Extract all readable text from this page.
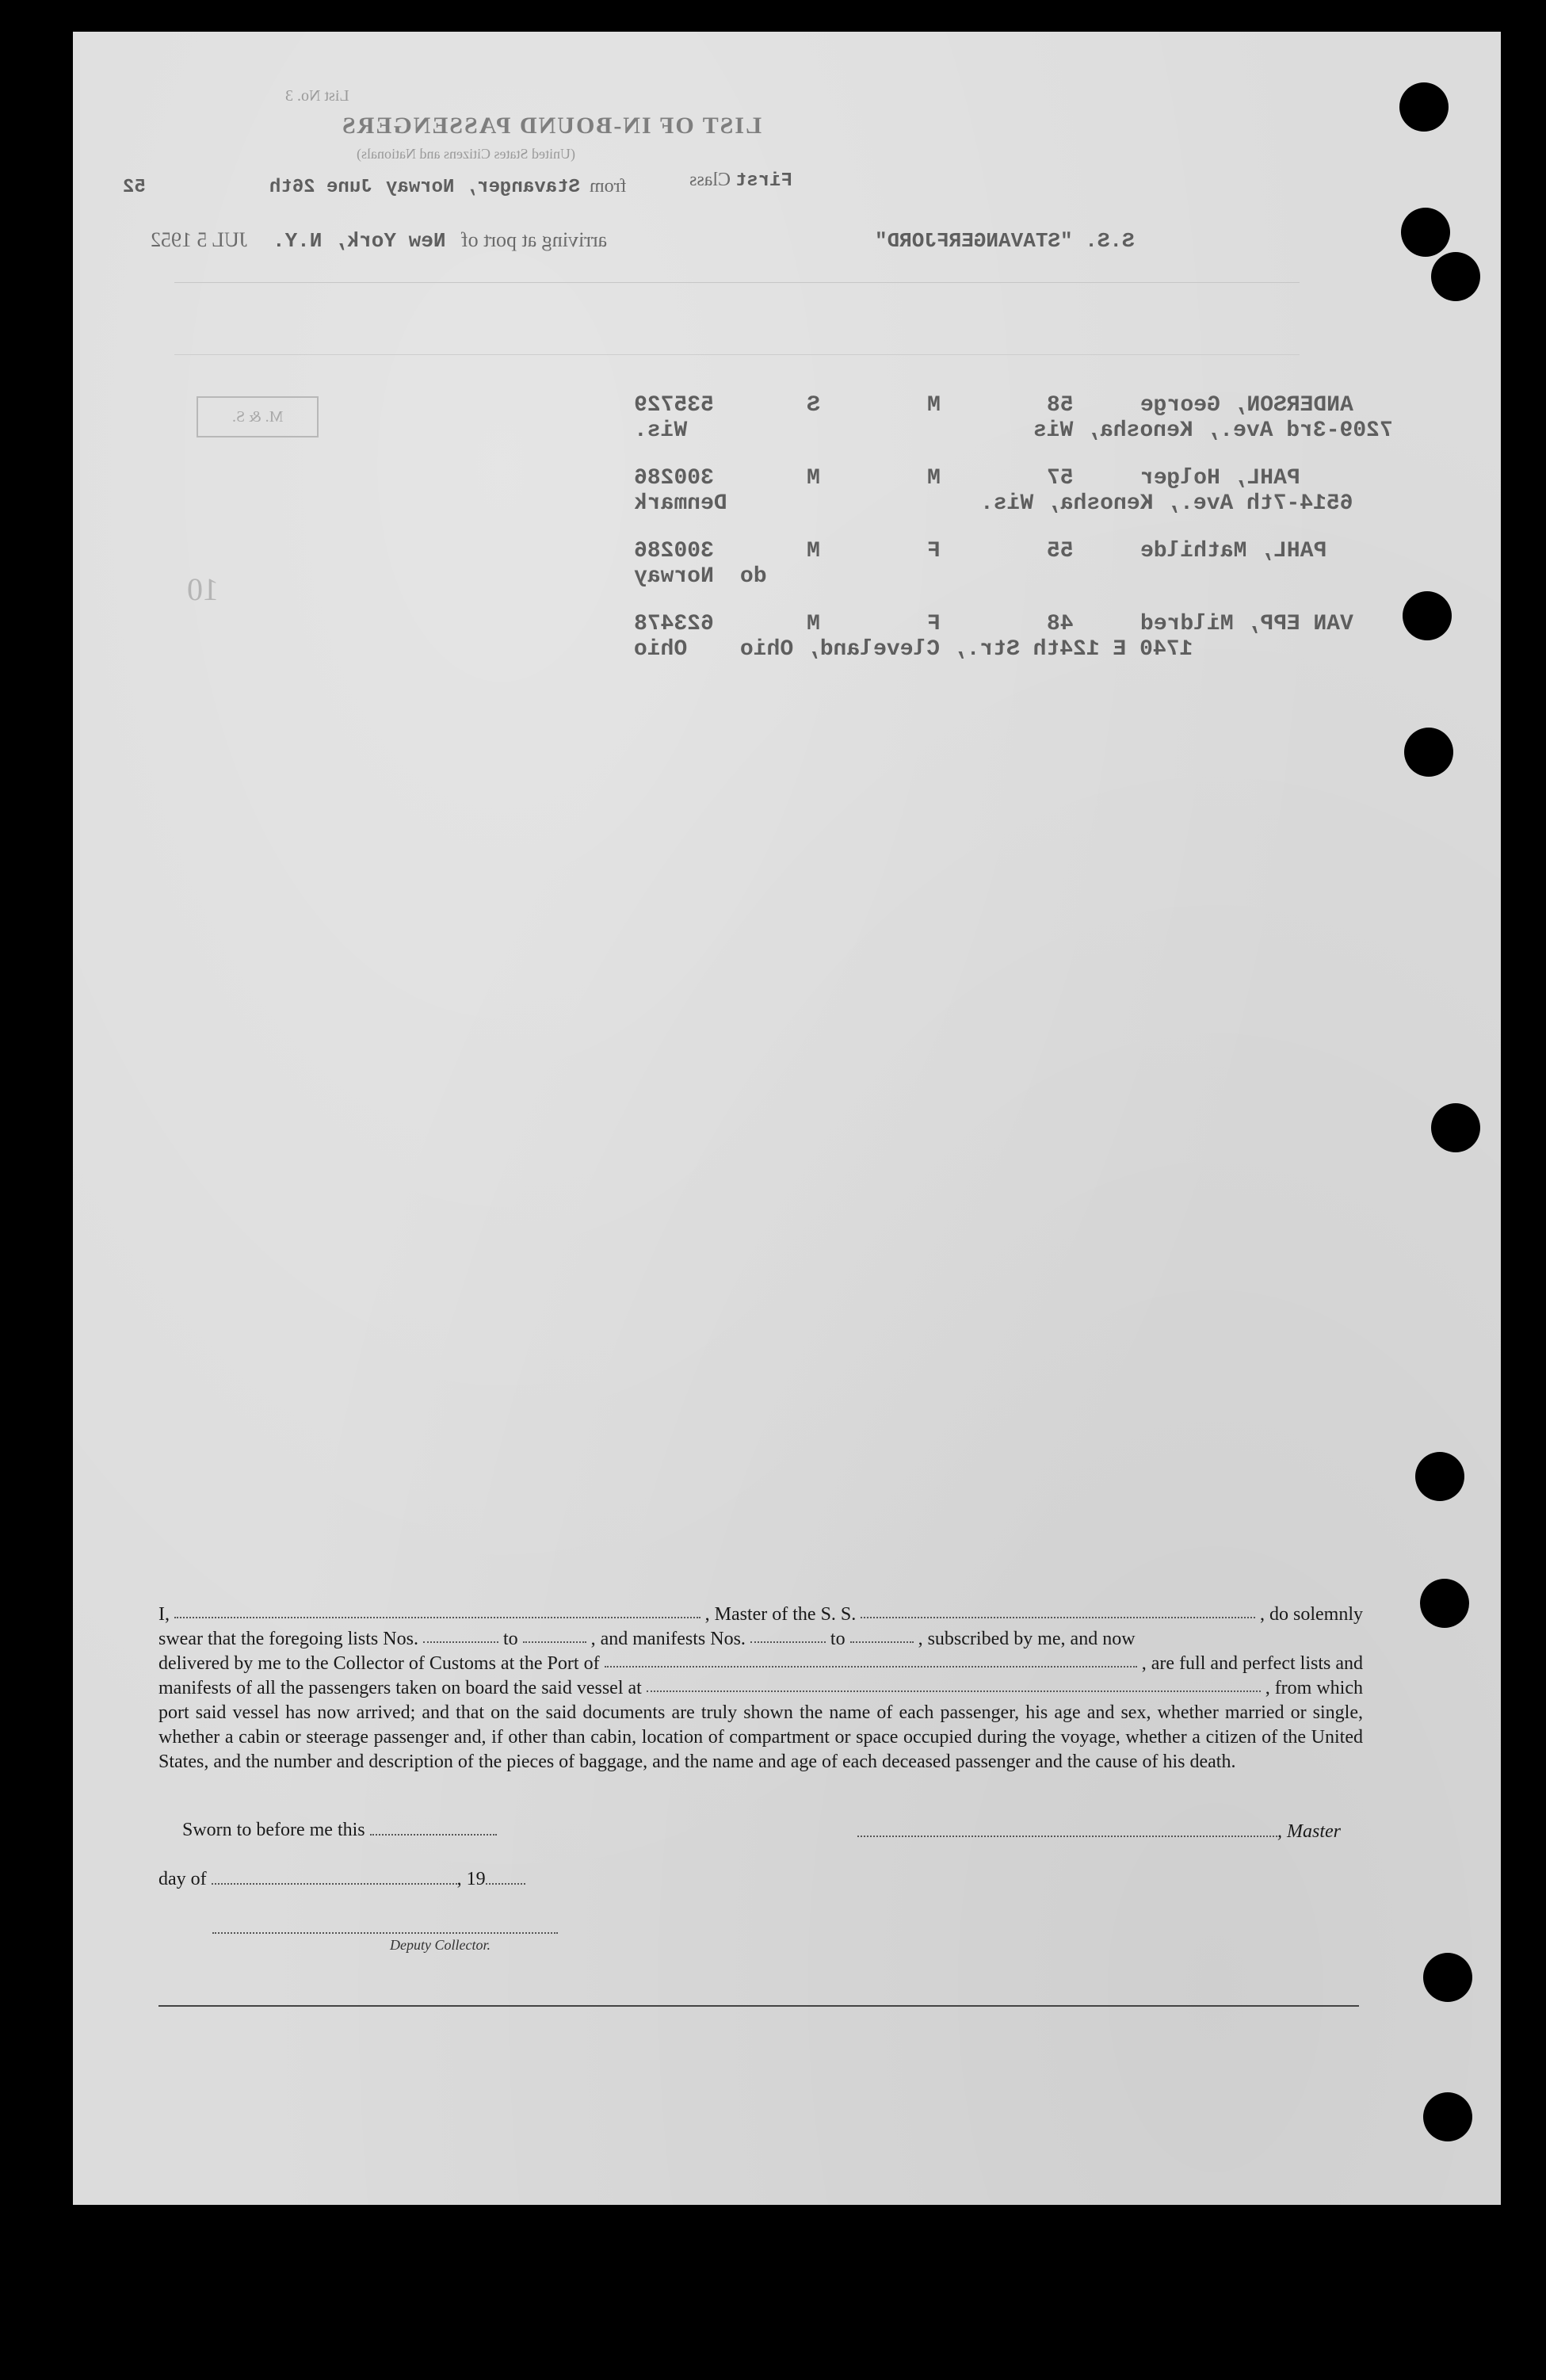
List No. 3
LIST OF IN-BOUND PASSENGERS
(United States Citizens and Nationals)
Class First
52	June 26th Stavanger, Norway from
JUL 5 1952 New York, N.Y. arriving at port of	S.S. "STAVANGERFJORD"
M. & S.
10
535729	S	M	58	ANDERSON, George
Wis.	7209-3rd Ave., Kenosha, Wis
300286	M	M	57	PAHL, Holger
Denmark	6514-7th Ave., Kenosha, Wis.
300286	M	F	55	PAHL, Mathilde
Norway do
623478	M	F	48	VAN EPP, Mildred
Ohio 1740 E 124th Str., Cleveland, Ohio

I,	, Master of the S. S.	, do solemnly

swear that the foregoing lists Nos.	to	, and manifests Nos.	to	, subscribed by me, and now

delivered by me to the Collector of Customs at the Port of	, are full and perfect lists and

manifests of all the passengers taken on board the said vessel at	, from which

port said vessel has now arrived; and that on the said documents are truly shown the name of each passenger, his age and sex, whether married or single, whether a cabin or steerage passenger and, if other than cabin, location of compartment or space occupied during the voyage, whether a citizen of the United States, and the number and description of the pieces of baggage, and the name and age of each deceased passenger and the cause of his death.

Sworn to before me this	, Master
day of	, 19
Deputy Collector.
